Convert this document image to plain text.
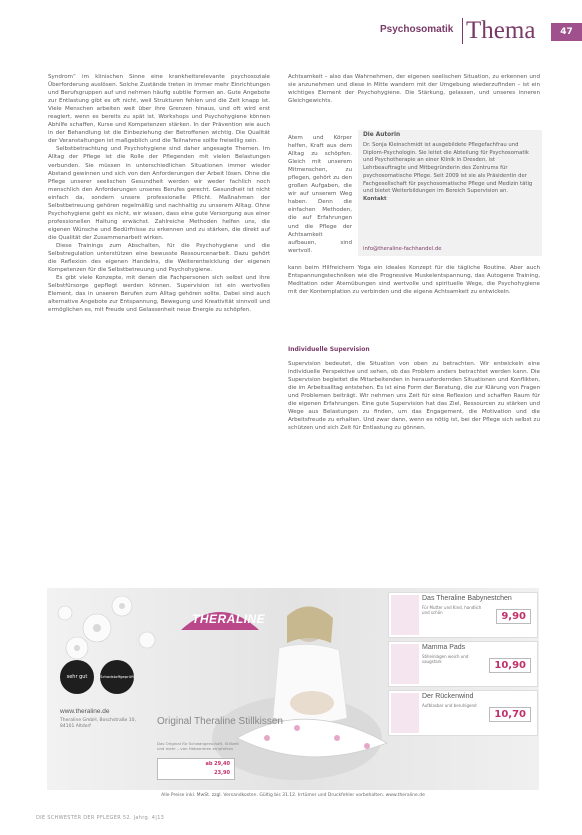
Psychosomatik Thema	47

Syndrom“ im klinischen Sinne eine krankheitsrelevante psychosoziale Überforderung auslösen. Solche Zustände treten in immer mehr Einrichtungen und Berufsgruppen auf und nehmen häufig subtile Formen an. Gute Angebote zur Entlastung gibt es oft nicht, weil Strukturen fehlen und die Zeit knapp ist. Viele Menschen arbeiten weit über ihre Grenzen hinaus, und oft wird erst reagiert, wenn es bereits zu spät ist. Workshops und Psychohygiene können Abhilfe schaffen, Kurse und Kompetenzen stärken. In der Prävention wie auch in der Behandlung ist die Einbeziehung der Betroffenen wichtig. Die Qualität der Veranstaltungen ist maßgeblich und die Teilnahme sollte freiwillig sein.

Selbstbetrachtung und Psychohygiene sind daher angesagte Themen. Im Alltag der Pflege ist die Rolle der Pflegenden mit vielen Belastungen verbunden. Sie müssen in unterschiedlichen Situationen immer wieder Abstand gewinnen und sich von den Anforderungen der Arbeit lösen. Ohne die Pflege unserer seelischen Gesundheit werden wir weder fachlich noch menschlich den Anforderungen unseres Berufes gerecht. Gesundheit ist nicht einfach da, sondern unsere professionelle Pflicht. Maßnahmen der Selbstbetreuung gehören regelmäßig und nachhaltig zu unserem Alltag. Ohne Psychohygiene geht es nicht, wir wissen, dass eine gute Versorgung aus einer professionellen Haltung erwächst. Zahlreiche Methoden helfen uns, die eigenen Wünsche und Bedürfnisse zu erkennen und zu stärken, die direkt auf die Qualität der Zusammenarbeit wirken.

Diese Trainings zum Abschalten, für die Psychohygiene und die Selbstregulation unterstützen eine bewusste Ressourcenarbeit. Dazu gehört die Reflexion des eigenen Handelns, die Weiterentwicklung der eigenen Kompetenzen für die Selbstbetreuung und Psychohygiene.

Es gibt viele Konzepte, mit denen die Fachpersonen sich selbst und ihre Selbstfürsorge gepflegt werden können. Supervision ist ein wertvolles Element, das in unseren Berufen zum Alltag gehören sollte. Dabei sind auch alternative Angebote zur Entspannung, Bewegung und Kreativität sinnvoll und ermöglichen es, mit Freude und Gelassenheit neue Energie zu schöpfen.

Achtsamkeit – also das Wahrnehmen, der eigenen seelischen Situation, zu erkennen und sie anzunehmen und diese in Mitte wandern mit der Umgebung wiederzufinden – ist ein wichtiges Element der Psychohygiene. Die Stärkung, gelassen, und unseres inneren Gleichgewichts.

Atem und Körper helfen, Kraft aus dem Alltag zu schöpfen. Gleich mit unserem Mitmenschen, zu pflegen, gehört zu den großen Aufgaben, die wir auf unserem Weg haben. Denn die einfachen Methoden, die auf Erfahrungen und die Pflege der Achtsamkeit aufbauen, sind wertvoll.

Die Autorin
Dr. Sonja Kleinschmidt ist ausgebildete Pflegefachfrau und Diplom-Psychologin. Sie leitet die Abteilung für Psychosomatik und Psychotherapie an einer Klinik in Dresden, ist Lehrbeauftragte und Mitbegründerin des Zentrums für psychosomatische Pflege. Seit 2009 ist sie als Präsidentin der Fachgesellschaft für psychosomatische Pflege und Medizin tätig und bietet Weiterbildungen im Bereich Supervision an.
Kontakt
info@theraline-fachhandel.de

kann beim Hilfreichem Yoga ein ideales Konzept für die tägliche Routine. Aber auch Entspannungstechniken wie die Progressive Muskelentspannung, das Autogene Training, Meditation oder Atemübungen sind wertvolle und spirituelle Wege, die Psychohygiene mit der Kontemplation zu verbinden und die eigene Achtsamkeit zu entwickeln.

Individuelle Supervision

Supervision bedeutet, die Situation von oben zu betrachten. Wir entwickeln eine individuelle Perspektive und sehen, ob das Problem anders betrachtet werden kann. Die Supervision begleitet die Mitarbeitenden in herausfordernden Situationen und Konflikten, die im Arbeitsalltag entstehen. Es ist eine Form der Beratung, die zur Klärung von Fragen und Problemen beiträgt. Wir nehmen uns Zeit für eine Reflexion und schaffen Raum für die eigenen Erfahrungen. Eine gute Supervision hat das Ziel, Ressourcen zu stärken und Wege aus Belastungen zu finden, um das Engagement, die Motivation und die Arbeitsfreude zu erhalten. Und zwar dann, wenn es nötig ist, bei der Pflege sich selbst zu schützen und sich Zeit für Entlastung zu gönnen.

THERALINE
Das Theraline Babynestchen
Für Mutter und Kind, handlich und schön	9,90
Mamma Pads
Stilleinlagen weich und saugstark	10,90
Der Rückenwind
Aufblasbar und beruhigend
10,70
Original Theraline Stillkissen
Das Original für Schwangerschaft, Stillzeit und mehr – von Hebammen empfohlen
ab 29,40
23,90
sehr gut	Schadstoffgeprüft
www.theraline.de
Theraline GmbH, Boschstraße 10, 84101 Altdorf
Alle Preise inkl. MwSt. zzgl. Versandkosten. Gültig bis 31.12. Irrtümer und Druckfehler vorbehalten. www.theraline.de
DIE SCHWESTER DER PFLEGER 52. Jahrg. 4|13
